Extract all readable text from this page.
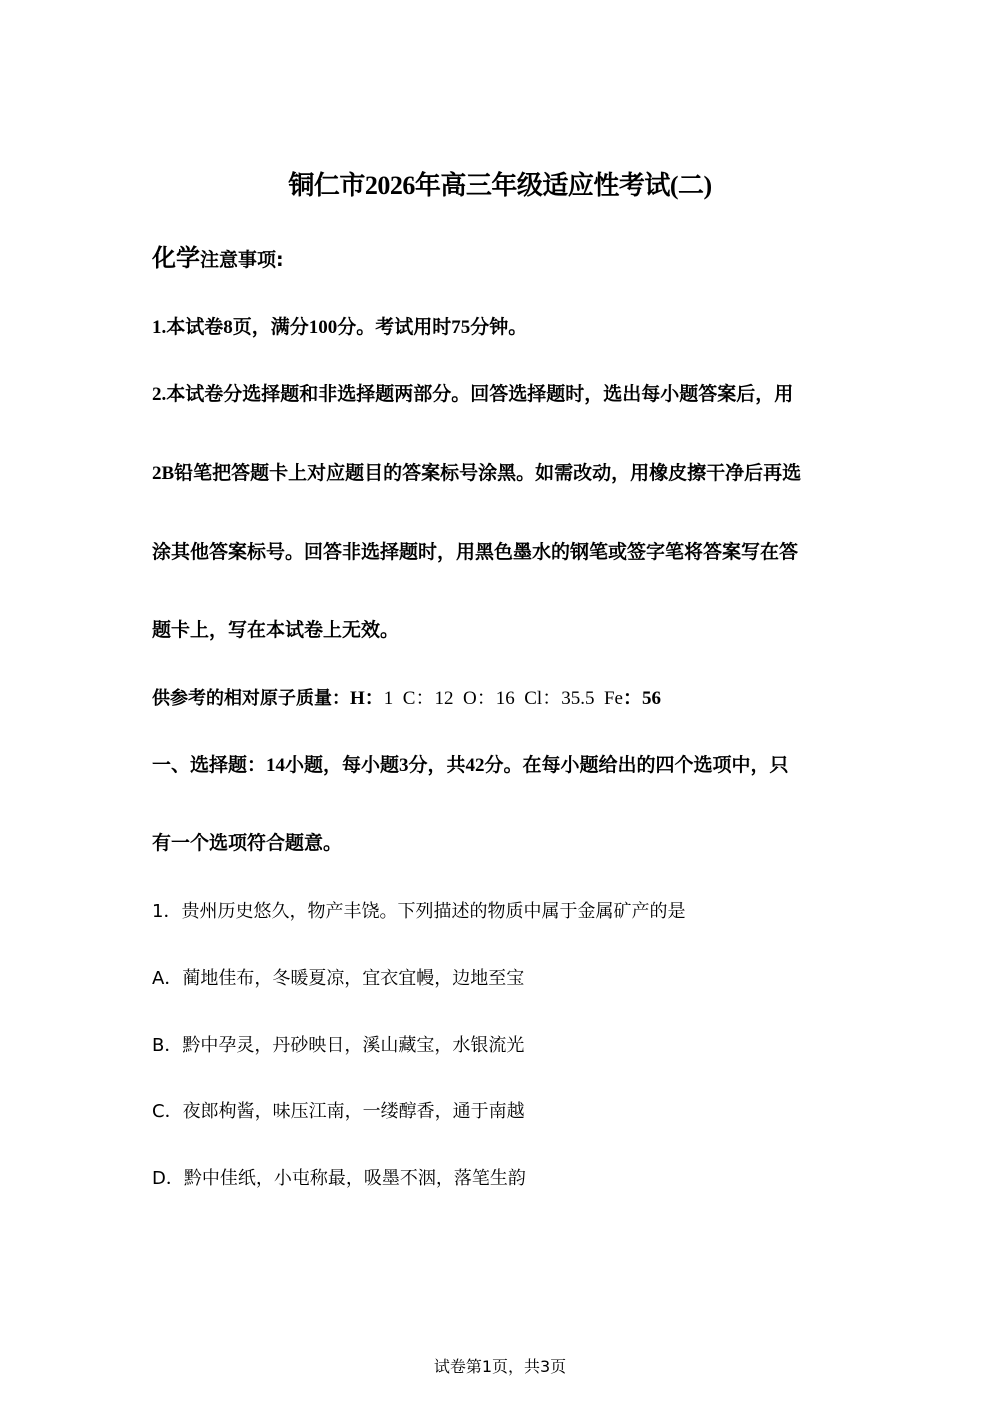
铜仁市2026年高三年级适应性考试(二)
化学注意事项:
1.本试卷8页，满分100分。考试用时75分钟。
2.本试卷分选择题和非选择题两部分。回答选择题时，选出每小题答案后，用
2B铅笔把答题卡上对应题目的答案标号涂黑。如需改动，用橡皮擦干净后再选
涂其他答案标号。回答非选择题时，用黑色墨水的钢笔或签字笔将答案写在答
题卡上，写在本试卷上无效。
供参考的相对原子质量：H：1 C：12 O：16 Cl：35.5 Fe：56
一、选择题：14小题，每小题3分，共42分。在每小题给出的四个选项中，只
有一个选项符合题意。
1．贵州历史悠久，物产丰饶。下列描述的物质中属于金属矿产的是
A．蔺地佳布，冬暖夏凉，宜衣宜幔，边地至宝
B．黔中孕灵，丹砂映日，溪山藏宝，水银流光
C．夜郎枸酱，味压江南，一缕醇香，通于南越
D．黔中佳纸，小屯称最，吸墨不洇，落笔生韵
试卷第1页，共3页
